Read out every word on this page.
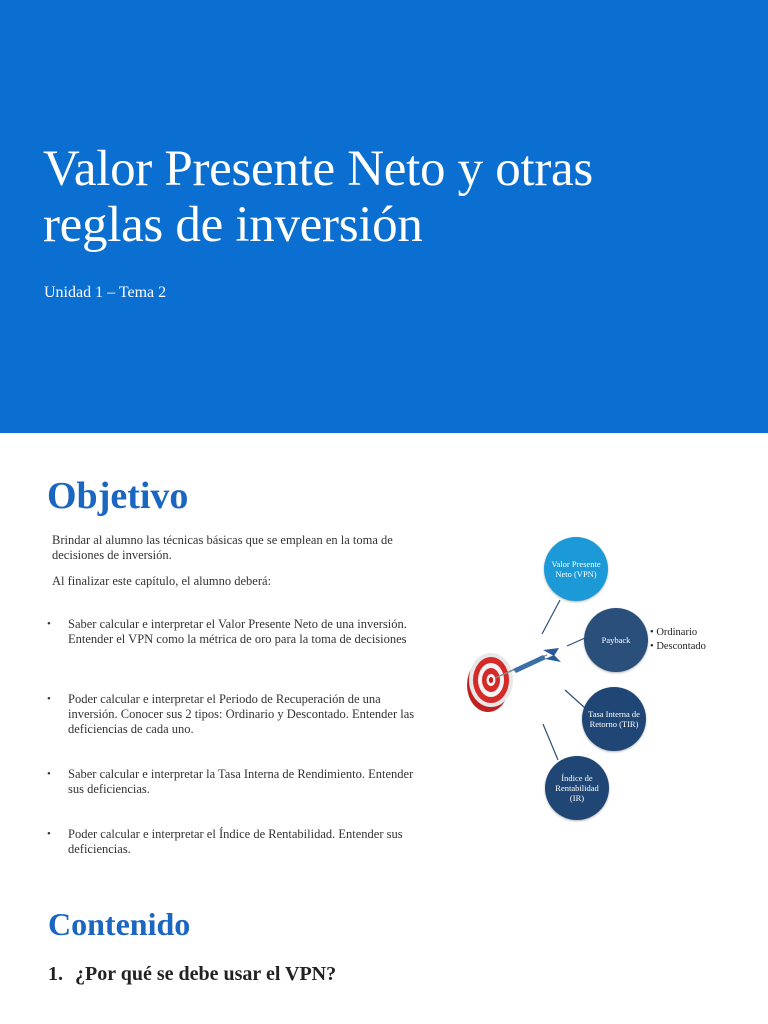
Valor Presente Neto y otras
reglas de inversión
Unidad 1 – Tema 2
Objetivo
Brindar al alumno las técnicas básicas que se emplean en la toma de decisiones de inversión.
Al finalizar este capítulo, el alumno deberá:
• Saber calcular e interpretar el Valor Presente Neto de una inversión. Entender el VPN como la métrica de oro para la toma de decisiones
• Poder calcular e interpretar el Periodo de Recuperación de una inversión. Conocer sus 2 tipos: Ordinario y Descontado. Entender las deficiencias de cada uno.
• Saber calcular e interpretar la Tasa Interna de Rendimiento. Entender sus deficiencias.
• Poder calcular e interpretar el Índice de Rentabilidad. Entender sus deficiencias.
Valor Presente Neto (VPN)
Payback
Tasa Interna de Retorno (TIR)
Índice de Rentabilidad (IR)
• Ordinario
• Descontado
Contenido
1. ¿Por qué se debe usar el VPN?
